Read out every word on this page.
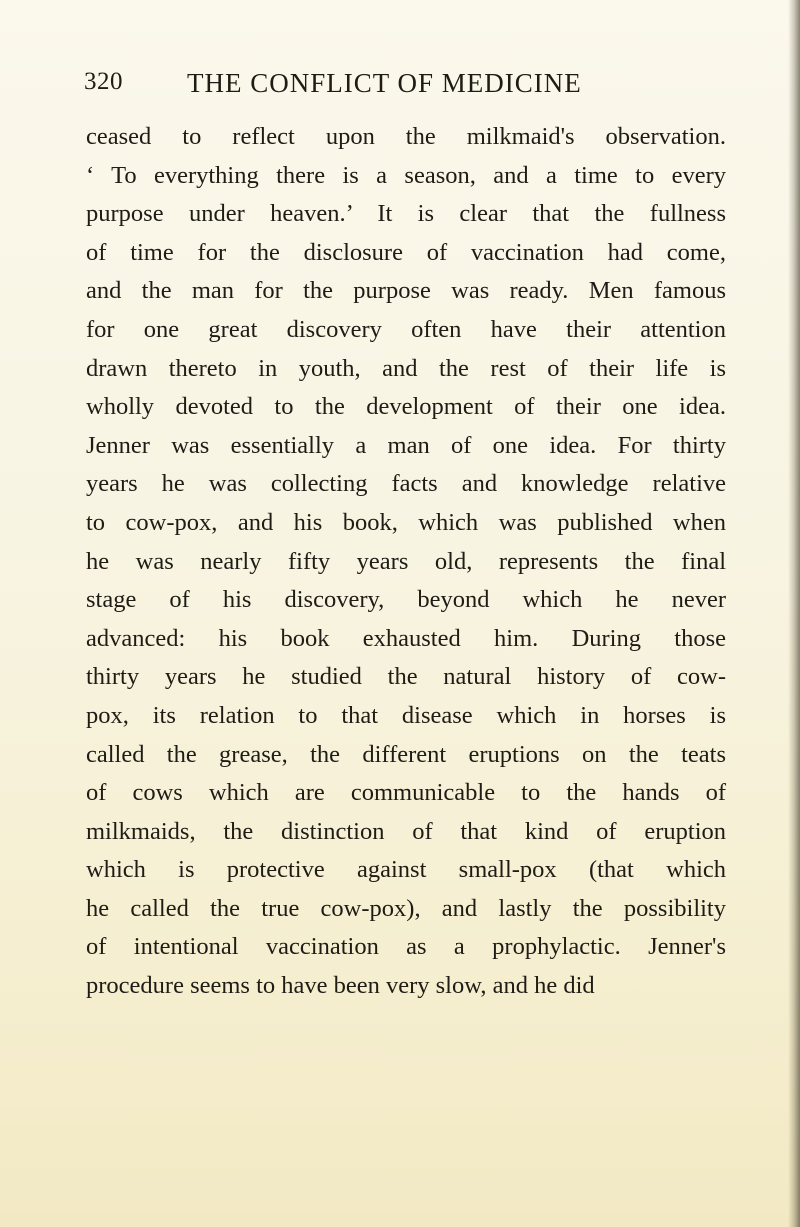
320 THE CONFLICT OF MEDICINE
ceased to reflect upon the milkmaid's observation.
‘ To everything there is a season, and a time to every
purpose under heaven.’ It is clear that the fullness
of time for the disclosure of vaccination had come,
and the man for the purpose was ready. Men famous
for one great discovery often have their attention
drawn thereto in youth, and the rest of their life is
wholly devoted to the development of their one idea.
Jenner was essentially a man of one idea. For thirty
years he was collecting facts and knowledge relative
to cow-pox, and his book, which was published when
he was nearly fifty years old, represents the final
stage of his discovery, beyond which he never
advanced: his book exhausted him. During those
thirty years he studied the natural history of cow-
pox, its relation to that disease which in horses is
called the grease, the different eruptions on the teats
of cows which are communicable to the hands of
milkmaids, the distinction of that kind of eruption
which is protective against small-pox (that which
he called the true cow-pox), and lastly the possibility
of intentional vaccination as a prophylactic. Jenner's
procedure seems to have been very slow, and he did
